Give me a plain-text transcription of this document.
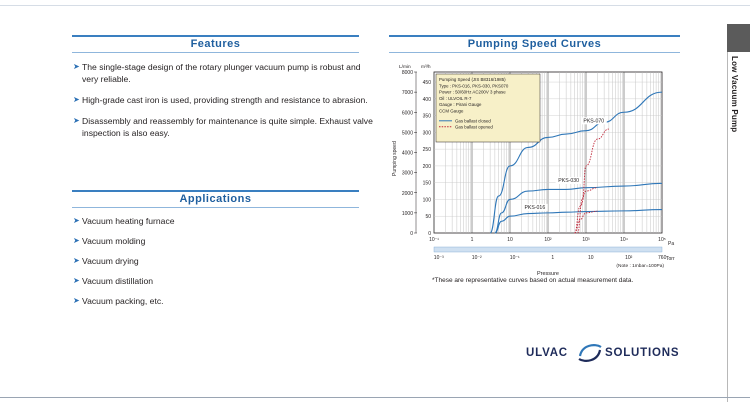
Features
➤ The single-stage design of the rotary plunger vacuum pump is robust and very reliable.
➤ High-grade cast iron is used, providing strength and resistance to abrasion.
➤ Disassembly and reassembly for maintenance is quite simple. Exhaust valve inspection is also easy.
Applications
➤ Vacuum heating furnace
➤ Vacuum molding
➤ Vacuum drying
➤ Vacuum distillation
➤ Vacuum packing, etc.
Pumping Speed Curves
450
400
350
300
250
200
150
100
50
0
8000
7000
6000
5000
4000
3000
2000
1000
0
L/min m³/h
Pumping speed
10⁻¹	1	10	10²	10³	10⁴	10⁵
Pa
10⁻³	10⁻²	10⁻¹	1	10	10²	760 Torr
(Note : 1mbar=100Pa)
Pressure
PKS-070
PKS-030
PKS-016
Pumping Speed (JIS B8316/1985)
Type : PKS-016, PKS-030, PKS070
Power : 50/60Hz AC200V 3 phase
Oil : ULVOIL R-7
Gauge : Pirani Gauge
CCM Gauge
Gas ballast closed
Gas ballast opened
*These are representative curves based on actual measurement data.
Low Vacuum Pump
ULVAC	SOLUTIONS
